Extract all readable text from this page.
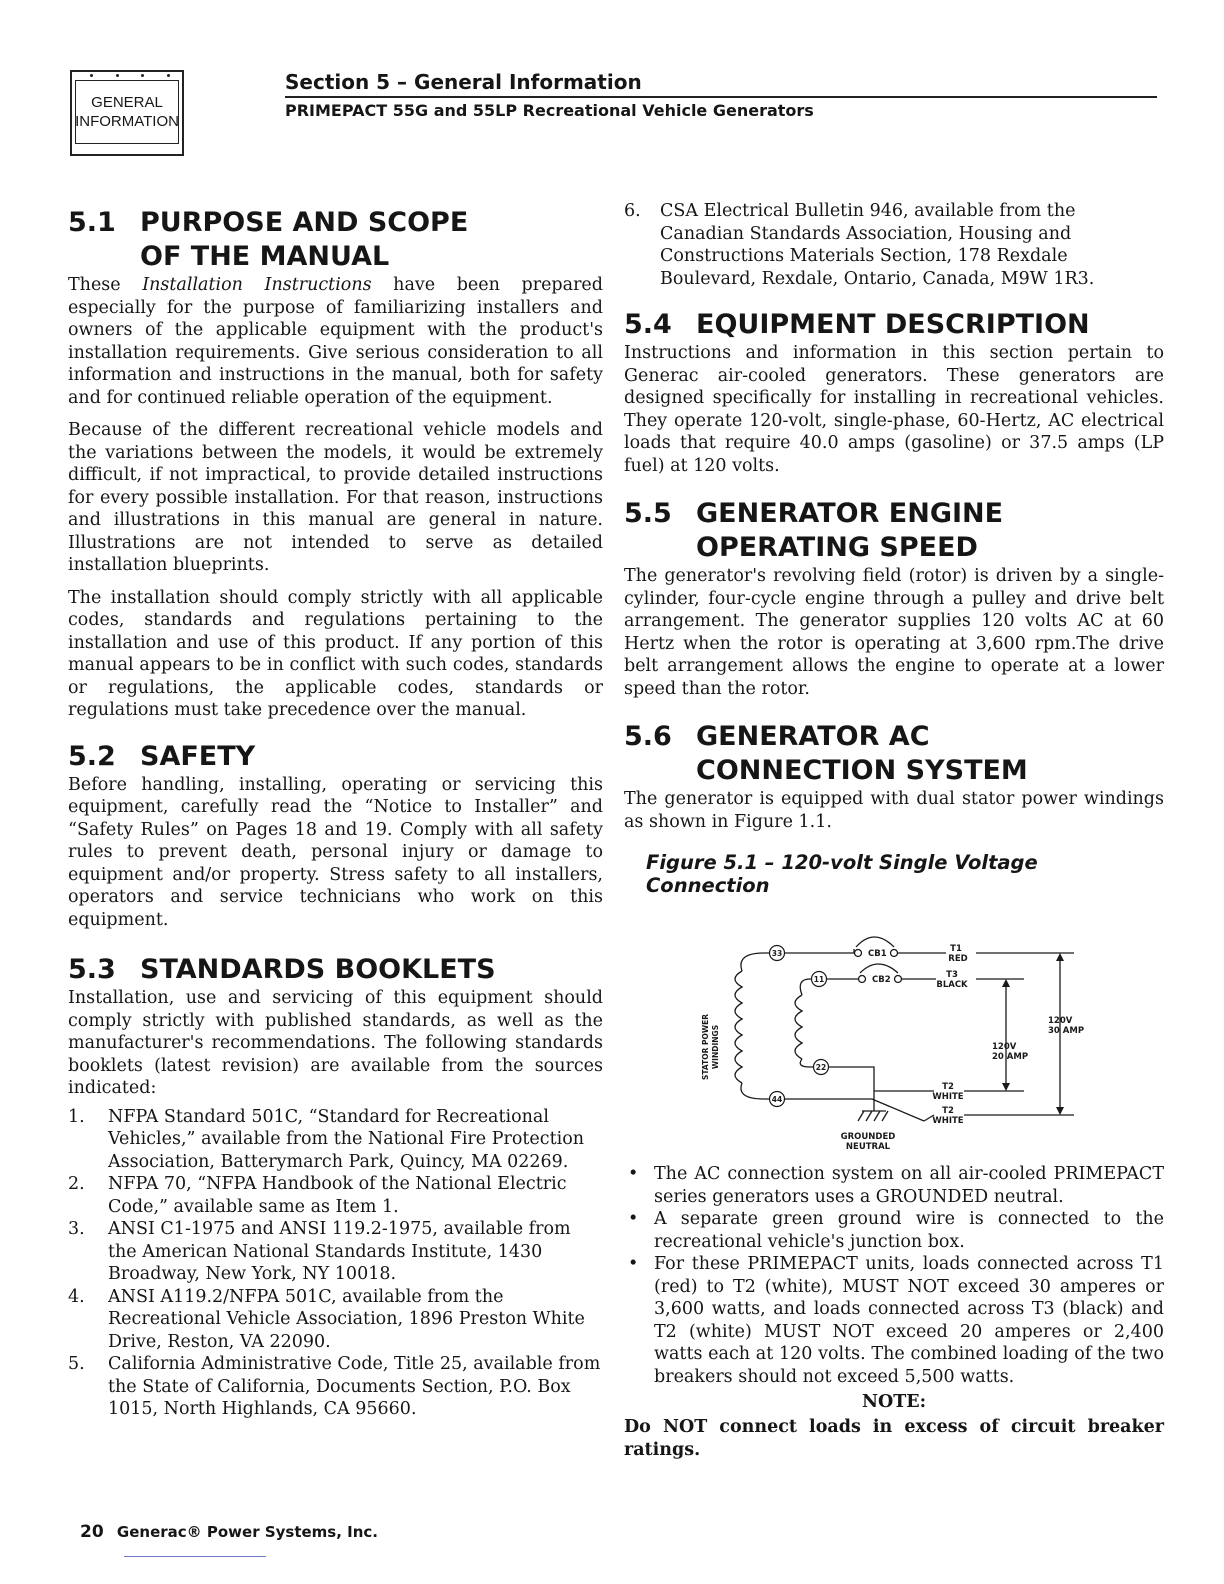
GENERAL
INFORMATION
Section 5 – General Information
PRIMEPACT 55G and 55LP Recreational Vehicle Generators
5.1 PURPOSE AND SCOPE
OF THE MANUAL

These Installation Instructions have been prepared especially for the purpose of familiarizing installers and owners of the applicable equipment with the product's installation requirements. Give serious consideration to all information and instructions in the manual, both for safety and for continued reliable operation of the equipment.

Because of the different recreational vehicle models and the variations between the models, it would be extremely difficult, if not impractical, to provide detailed instructions for every possible installation. For that reason, instructions and illustrations in this manual are general in nature. Illustrations are not intended to serve as detailed installation blueprints.

The installation should comply strictly with all applicable codes, standards and regulations pertaining to the installation and use of this product. If any portion of this manual appears to be in conflict with such codes, standards or regulations, the applicable codes, standards or regulations must take precedence over the manual.

5.2 SAFETY

Before handling, installing, operating or servicing this equipment, carefully read the “Notice to Installer” and “Safety Rules” on Pages 18 and 19. Comply with all safety rules to prevent death, personal injury or damage to equipment and/or property. Stress safety to all installers, operators and service technicians who work on this equipment.

5.3 STANDARDS BOOKLETS

Installation, use and servicing of this equipment should comply strictly with published standards, as well as the manufacturer's recommendations. The following standards booklets (latest revision) are available from the sources indicated:

1.	NFPA Standard 501C, “Standard for Recreational Vehicles,” available from the National Fire Protection Association, Batterymarch Park, Quincy, MA 02269.
2.	NFPA 70, “NFPA Handbook of the National Electric Code,” available same as Item 1.
3.	ANSI C1-1975 and ANSI 119.2-1975, available from the American National Standards Institute, 1430 Broadway, New York, NY 10018.
4.	ANSI A119.2/NFPA 501C, available from the Recreational Vehicle Association, 1896 Preston White Drive, Reston, VA 22090.
5.	California Administrative Code, Title 25, available from the State of California, Documents Section, P.O. Box 1015, North Highlands, CA 95660.
6.	CSA Electrical Bulletin 946, available from the Canadian Standards Association, Housing and Constructions Materials Section, 178 Rexdale Boulevard, Rexdale, Ontario, Canada, M9W 1R3.
5.4 EQUIPMENT DESCRIPTION

Instructions and information in this section pertain to Generac air-cooled generators. These generators are designed specifically for installing in recreational vehicles. They operate 120-volt, single-phase, 60-Hertz, AC electrical loads that require 40.0 amps (gasoline) or 37.5 amps (LP fuel) at 120 volts.

5.5 GENERATOR ENGINE
OPERATING SPEED

The generator's revolving field (rotor) is driven by a single-cylinder, four-cycle engine through a pulley and drive belt arrangement. The generator supplies 120 volts AC at 60 Hertz when the rotor is operating at 3,600 rpm.The drive belt arrangement allows the engine to operate at a lower speed than the rotor.

5.6 GENERATOR AC
CONNECTION SYSTEM

The generator is equipped with dual stator power windings as shown in Figure 1.1.

Figure 5.1 – 120-volt Single Voltage Connection
33
11
22
44
CB1
CB2
T1
RED
T3
BLACK
T2
WHITE
T2
WHITE
120V
30 AMP
120V
20 AMP
GROUNDED
NEUTRAL
STATOR POWER WINDINGS
• The AC connection system on all air-cooled PRIMEPACT series generators uses a GROUNDED neutral.
• A separate green ground wire is connected to the recreational vehicle's junction box.
• For these PRIMEPACT units, loads connected across T1 (red) to T2 (white), MUST NOT exceed 30 amperes or 3,600 watts, and loads connected across T3 (black) and T2 (white) MUST NOT exceed 20 amperes or 2,400 watts each at 120 volts. The combined loading of the two breakers should not exceed 5,500 watts.
NOTE:
Do NOT connect loads in excess of circuit breaker ratings.
20 Generac® Power Systems, Inc.
